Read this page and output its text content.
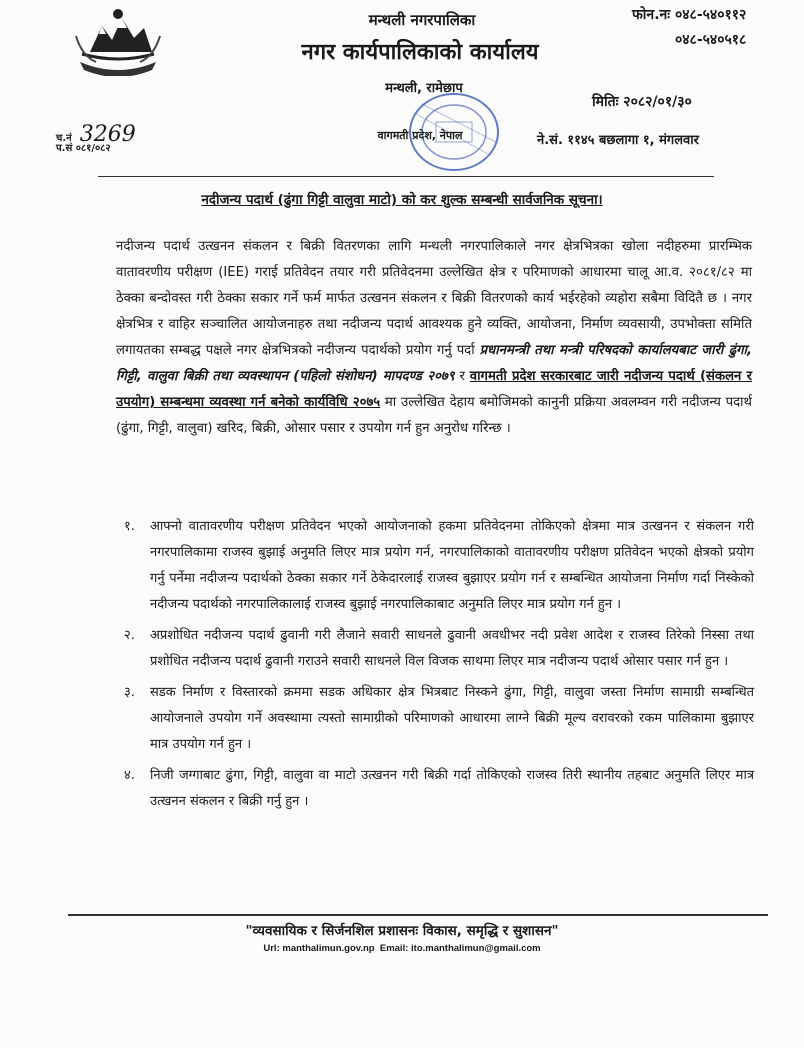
मन्थली नगरपालिका
नगर कार्यपालिकाको कार्यालय
मन्थली, रामेछाप
वागमती प्रदेश, नेपाल
फोन.नः ०४८-५४०११२
०४८-५४०५१८
मितिः २०८२/०१/३०
ने.सं. ११४५ बछलागा १, मंगलवार
च.नं 3269
प.सं ०८१/०८२
नदीजन्य पदार्थ (ढुंगा गिट्टी वालुवा माटो) को कर शुल्क सम्बन्धी सार्वजनिक सूचना।

नदीजन्य पदार्थ उत्खनन संकलन र बिक्री वितरणका लागि मन्थली नगरपालिकाले नगर क्षेत्रभित्रका खोला नदीहरुमा प्रारम्भिक वातावरणीय परीक्षण (IEE) गराई प्रतिवेदन तयार गरी प्रतिवेदनमा उल्लेखित क्षेत्र र परिमाणको आधारमा चालू आ.व. २०८१/८२ मा ठेक्का बन्दोवस्त गरी ठेक्का सकार गर्ने फर्म मार्फत उत्खनन संकलन र बिक्री वितरणको कार्य भईरहेको व्यहोरा सबैमा विदितै छ । नगर क्षेत्रभित्र र वाहिर सञ्चालित आयोजनाहरु तथा नदीजन्य पदार्थ आवश्यक हुने व्यक्ति, आयोजना, निर्माण व्यवसायी, उपभोक्ता समिति लगायतका सम्बद्ध पक्षले नगर क्षेत्रभित्रको नदीजन्य पदार्थको प्रयोग गर्नु पर्दा प्रधानमन्त्री तथा मन्त्री परिषदको कार्यालयबाट जारी ढुंगा, गिट्टी, वालुवा बिक्री तथा व्यवस्थापन (पहिलो संशोधन) मापदण्ड २०७९ र वागमती प्रदेश सरकारबाट जारी नदीजन्य पदार्थ (संकलन र उपयोग) सम्बन्धमा व्यवस्था गर्न बनेको कार्यविधि २०७५ मा उल्लेखित देहाय बमोजिमको कानुनी प्रक्रिया अवलम्वन गरी नदीजन्य पदार्थ (ढुंगा, गिट्टी, वालुवा) खरिद, बिक्री, ओसार पसार र उपयोग गर्न हुन अनुरोध गरिन्छ ।

१. आफ्नो वातावरणीय परीक्षण प्रतिवेदन भएको आयोजनाको हकमा प्रतिवेदनमा तोकिएको क्षेत्रमा मात्र उत्खनन र संकलन गरी नगरपालिकामा राजस्व बुझाई अनुमति लिएर मात्र प्रयोग गर्न, नगरपालिकाको वातावरणीय परीक्षण प्रतिवेदन भएको क्षेत्रको प्रयोग गर्नु पर्नेमा नदीजन्य पदार्थको ठेक्का सकार गर्ने ठेकेदारलाई राजस्व बुझाएर प्रयोग गर्न र सम्बन्धित आयोजना निर्माण गर्दा निस्केको नदीजन्य पदार्थको नगरपालिकालाई राजस्व बुझाई नगरपालिकाबाट अनुमति लिएर मात्र प्रयोग गर्न हुन ।
२. अप्रशोधित नदीजन्य पदार्थ ढुवानी गरी लैजाने सवारी साधनले ढुवानी अवधीभर नदी प्रवेश आदेश र राजस्व तिरेको निस्सा तथा प्रशोधित नदीजन्य पदार्थ ढुवानी गराउने सवारी साधनले विल विजक साथमा लिएर मात्र नदीजन्य पदार्थ ओसार पसार गर्न हुन ।
३. सडक निर्माण र विस्तारको क्रममा सडक अधिकार क्षेत्र भित्रबाट निस्कने ढुंगा, गिट्टी, वालुवा जस्ता निर्माण सामाग्री सम्बन्धित आयोजनाले उपयोग गर्ने अवस्थामा त्यस्तो सामाग्रीको परिमाणको आधारमा लाग्ने बिक्री मूल्य वरावरको रकम पालिकामा बुझाएर मात्र उपयोग गर्न हुन ।
४. निजी जग्गाबाट ढुंगा, गिट्टी, वालुवा वा माटो उत्खनन गरी बिक्री गर्दा तोकिएको राजस्व तिरी स्थानीय तहबाट अनुमति लिएर मात्र उत्खनन संकलन र बिक्री गर्नु हुन ।
"व्यवसायिक र सिर्जनशिल प्रशासनः विकास, समृद्धि र सुशासन"
Url: manthalimun.gov.np Email: ito.manthalimun@gmail.com
